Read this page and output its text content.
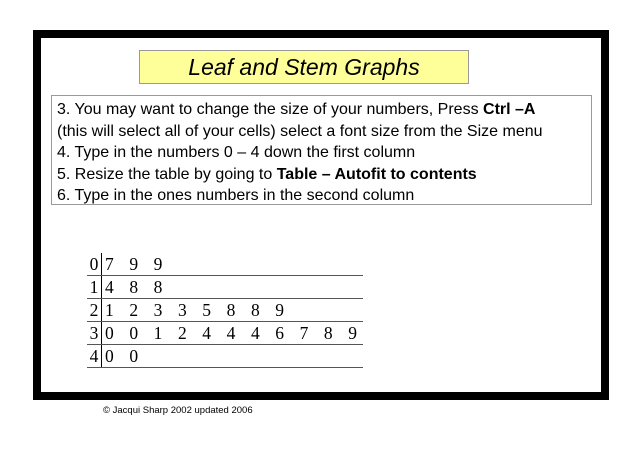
Leaf and Stem Graphs
3. You may want to change the size of your numbers, Press Ctrl –A
(this will select all of your cells) select a font size from the Size menu
4. Type in the numbers 0 – 4 down the first column
5. Resize the table by going to Table – Autofit to contents
6. Type in the ones numbers in the second column
0	7 9 9
1	4 8 8
2	1 2 3 3 5 8 8 9
3	0 0 1 2 4 4 4 6 7 8 9
4	0 0
© Jacqui Sharp 2002 updated 2006
